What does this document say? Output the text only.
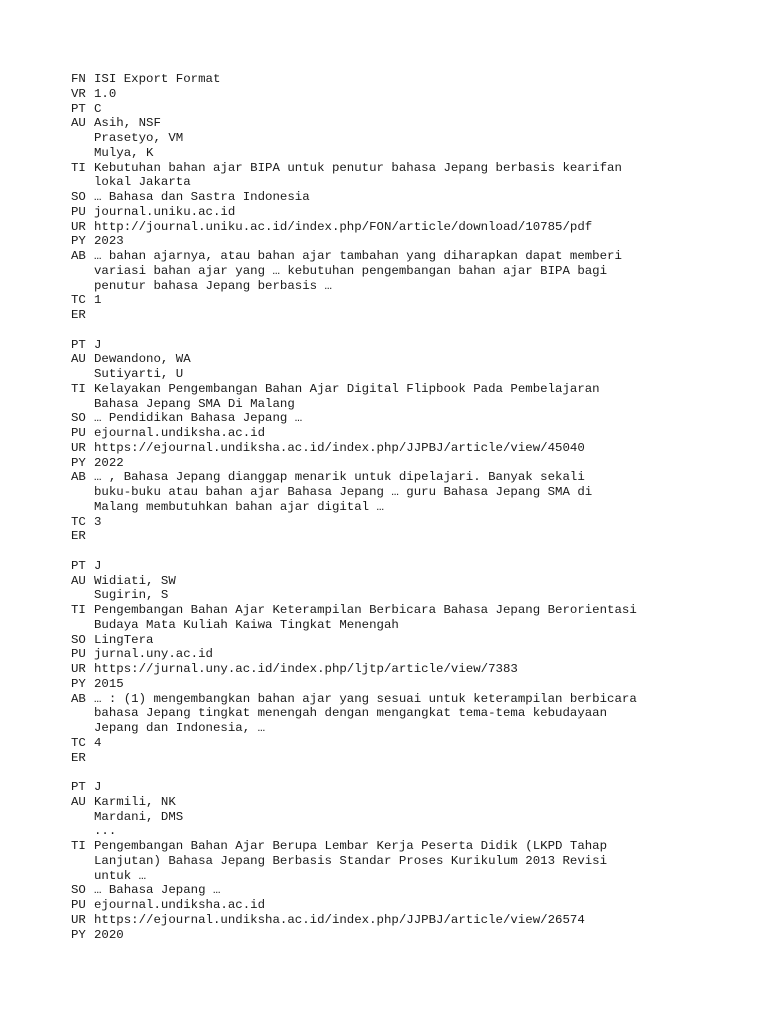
FN ISI Export Format
VR 1.0
PT C
AU Asih, NSF
Prasetyo, VM
Mulya, K
TI Kebutuhan bahan ajar BIPA untuk penutur bahasa Jepang berbasis kearifan
lokal Jakarta
SO … Bahasa dan Sastra Indonesia
PU journal.uniku.ac.id
UR http://journal.uniku.ac.id/index.php/FON/article/download/10785/pdf
PY 2023
AB … bahan ajarnya, atau bahan ajar tambahan yang diharapkan dapat memberi
variasi bahan ajar yang … kebutuhan pengembangan bahan ajar BIPA bagi
penutur bahasa Jepang berbasis …
TC 1
ER
PT J
AU Dewandono, WA
Sutiyarti, U
TI Kelayakan Pengembangan Bahan Ajar Digital Flipbook Pada Pembelajaran
Bahasa Jepang SMA Di Malang
SO … Pendidikan Bahasa Jepang …
PU ejournal.undiksha.ac.id
UR https://ejournal.undiksha.ac.id/index.php/JJPBJ/article/view/45040
PY 2022
AB … , Bahasa Jepang dianggap menarik untuk dipelajari. Banyak sekali
buku-buku atau bahan ajar Bahasa Jepang … guru Bahasa Jepang SMA di
Malang membutuhkan bahan ajar digital …
TC 3
ER
PT J
AU Widiati, SW
Sugirin, S
TI Pengembangan Bahan Ajar Keterampilan Berbicara Bahasa Jepang Berorientasi
Budaya Mata Kuliah Kaiwa Tingkat Menengah
SO LingTera
PU jurnal.uny.ac.id
UR https://jurnal.uny.ac.id/index.php/ljtp/article/view/7383
PY 2015
AB … : (1) mengembangkan bahan ajar yang sesuai untuk keterampilan berbicara
bahasa Jepang tingkat menengah dengan mengangkat tema-tema kebudayaan
Jepang dan Indonesia, …
TC 4
ER
PT J
AU Karmili, NK
Mardani, DMS
...
TI Pengembangan Bahan Ajar Berupa Lembar Kerja Peserta Didik (LKPD Tahap
Lanjutan) Bahasa Jepang Berbasis Standar Proses Kurikulum 2013 Revisi
untuk …
SO … Bahasa Jepang …
PU ejournal.undiksha.ac.id
UR https://ejournal.undiksha.ac.id/index.php/JJPBJ/article/view/26574
PY 2020
